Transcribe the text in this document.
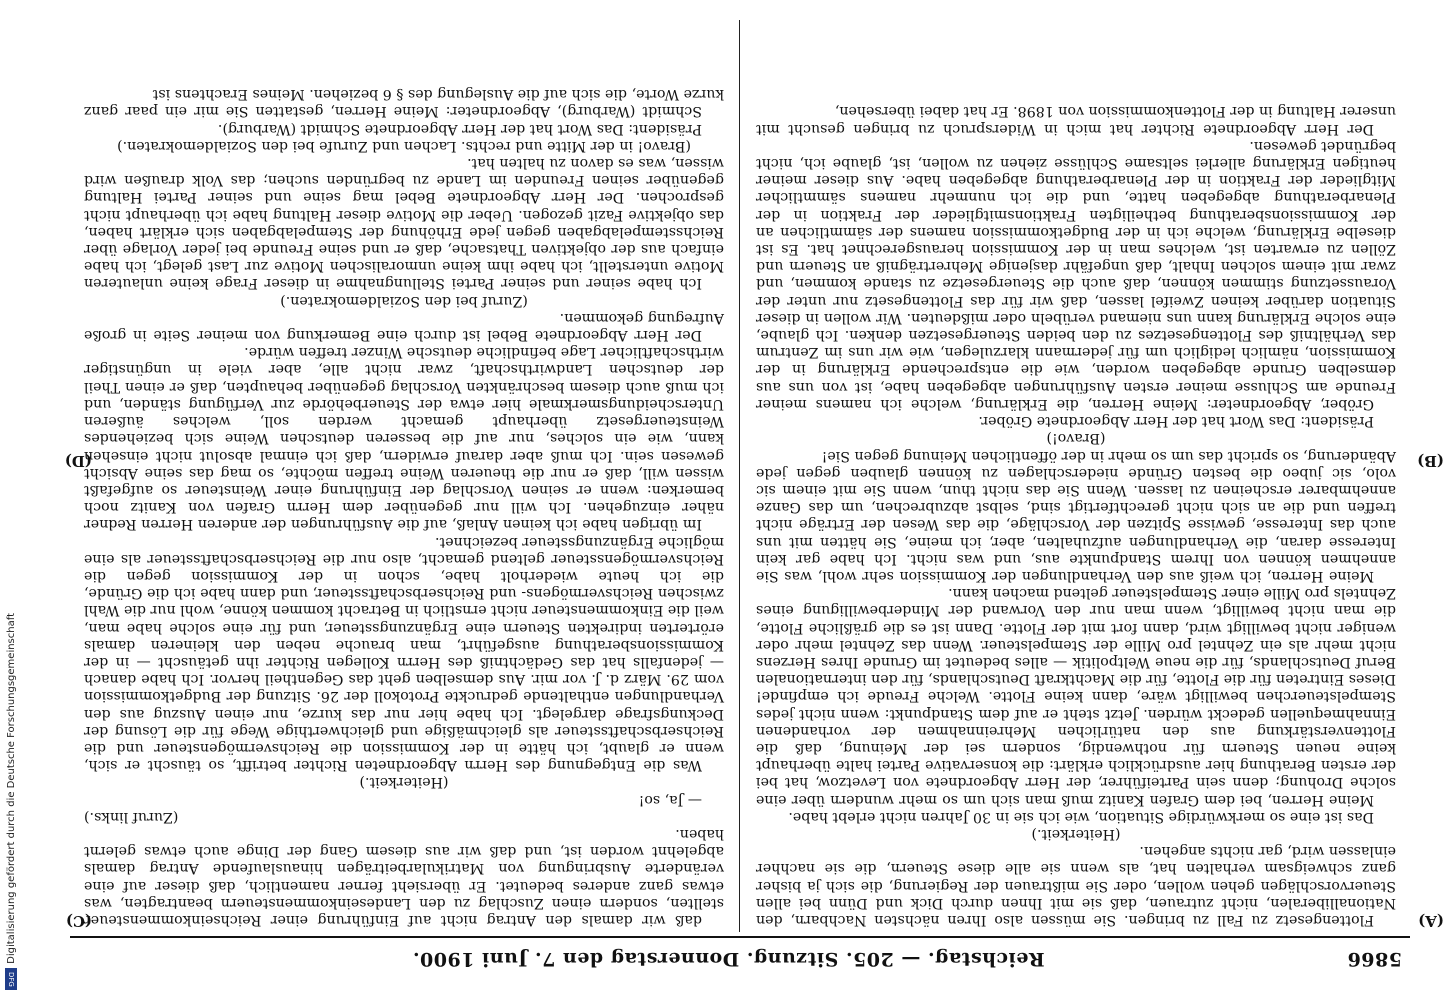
5866
Reichstag. — 205. Sitzung. Donnerstag den 7. Juni 1900.
(A)
(B)
(C)
(D)

Flottengesetz zu Fall zu bringen. Sie müssen also Ihren nächsten Nachbarn, den Nationalliberalen, nicht zutrauen, daß sie mit Ihnen durch Dick und Dünn bei allen Steuervorschlägen gehen wollen, oder Sie mißtrauen der Regierung, die sich ja bisher ganz schweigsam verhalten hat, als wenn sie alle diese Steuern, die sie nachher einlassen wird, gar nichts angehen.

(Heiterkeit.)

Das ist eine so merkwürdige Situation, wie ich sie in 30 Jahren nicht erlebt habe.

Meine Herren, bei dem Grafen Kanitz muß man sich um so mehr wundern über eine solche Drohung; denn sein Parteiführer, der Herr Abgeordnete von Levetzow, hat bei der ersten Berathung hier ausdrücklich erklärt: die konservative Partei halte überhaupt keine neuen Steuern für nothwendig, sondern sei der Meinung, daß die Flottenverstärkung aus den natürlichen Mehreinnahmen der vorhandenen Einnahmequellen gedeckt würden. Jetzt steht er auf dem Standpunkt: wenn nicht jedes Stempelsteuerchen bewilligt wäre, dann keine Flotte. Welche Freude ich empfinde! Dieses Eintreten für die Flotte, für die Machtkraft Deutschlands, für den internationalen Beruf Deutschlands, für die neue Weltpolitik — alles bedeutet im Grunde Ihres Herzens nicht mehr als ein Zehntel pro Mille der Stempelsteuer. Wenn das Zehntel mehr oder weniger nicht bewilligt wird, dann fort mit der Flotte. Dann ist es die gräßliche Flotte, die man nicht bewilligt, wenn man nur den Vorwand der Minderbewilligung eines Zehntels pro Mille einer Stempelsteuer geltend machen kann.

Meine Herren, ich weiß aus den Verhandlungen der Kommission sehr wohl, was Sie annehmen können von Ihrem Standpunkte aus, und was nicht. Ich habe gar kein Interesse daran, die Verhandlungen aufzuhalten, aber, ich meine, Sie hätten mit uns auch das Interesse, gewisse Spitzen der Vorschläge, die das Wesen der Erträge nicht treffen und die an sich nicht gerechtfertigt sind, selbst abzubrechen, um das Ganze annehmbarer erscheinen zu lassen. Wenn Sie das nicht thun, wenn Sie mit einem sic volo, sic jubeo die besten Gründe niederschlagen zu können glauben gegen jede Abänderung, so spricht das um so mehr in der öffentlichen Meinung gegen Sie!

(Bravo!)

Präsident: Das Wort hat der Herr Abgeordnete Gröber.

Gröber, Abgeordneter: Meine Herren, die Erklärung, welche ich namens meiner Freunde am Schlusse meiner ersten Ausführungen abgegeben habe, ist von uns aus demselben Grunde abgegeben worden, wie die entsprechende Erklärung in der Kommission, nämlich lediglich um für jedermann klarzulegen, wie wir uns im Zentrum das Verhältniß des Flottengesetzes zu den beiden Steuergesetzen denken. Ich glaube, eine solche Erklärung kann uns niemand verübeln oder mißdeuten. Wir wollen in dieser Situation darüber keinen Zweifel lassen, daß wir für das Flottengesetz nur unter der Voraussetzung stimmen können, daß auch die Steuergesetze zu stande kommen, und zwar mit einem solchen Inhalt, daß ungefähr dasjenige Mehrerträgniß an Steuern und Zöllen zu erwarten ist, welches man in der Kommission herausgerechnet hat. Es ist dieselbe Erklärung, welche ich in der Budgetkommission namens der sämmtlichen an der Kommissionsberathung betheiligten Fraktionsmitglieder der Fraktion in der Plenarberathung abgegeben hatte, und die ich nunmehr namens sämmtlicher Mitglieder der Fraktion in der Plenarberathung abgegeben habe. Aus dieser meiner heutigen Erklärung allerlei seltsame Schlüsse ziehen zu wollen, ist, glaube ich, nicht begründet gewesen.

Der Herr Abgeordnete Richter hat mich in Widerspruch zu bringen gesucht mit unserer Haltung in der Flottenkommission von 1898. Er hat dabei übersehen,

daß wir damals den Antrag nicht auf Einführung einer Reichseinkommensteuer stellten, sondern einen Zuschlag zu den Landeseinkommensteuern beantragten, was etwas ganz anderes bedeutet. Er übersieht ferner namentlich, daß dieser auf eine veränderte Ausbringung von Matrikularbeiträgen hinauslaufende Antrag damals abgelehnt worden ist, und daß wir aus diesem Gang der Dinge auch etwas gelernt haben.

(Zuruf links.)

— Ja, so!

(Heiterkeit.)

Was die Entgegnung des Herrn Abgeordneten Richter betrifft, so täuscht er sich, wenn er glaubt, ich hätte in der Kommission die Reichsvermögensteuer und die Reichserbschaftssteuer als gleichmäßige und gleichwerthige Wege für die Lösung der Deckungsfrage dargelegt. Ich habe hier nur das kurze, nur einen Auszug aus den Verhandlungen enthaltende gedruckte Protokoll der 26. Sitzung der Budgetkommission vom 29. März d. J. vor mir. Aus demselben geht das Gegentheil hervor. Ich habe danach — jedenfalls hat das Gedächtniß des Herrn Kollegen Richter ihn getäuscht — in der Kommissionsberathung ausgeführt, man brauche neben den kleineren damals erörterten indirekten Steuern eine Ergänzungssteuer, und für eine solche habe man, weil die Einkommensteuer nicht ernstlich in Betracht kommen könne, wohl nur die Wahl zwischen Reichsvermögens- und Reichserbschaftssteuer, und dann habe ich die Gründe, die ich heute wiederholt habe, schon in der Kommission gegen die Reichsvermögenssteuer geltend gemacht, also nur die Reichserbschaftssteuer als eine mögliche Ergänzungssteuer bezeichnet.

Im übrigen habe ich keinen Anlaß, auf die Ausführungen der anderen Herren Redner näher einzugehen. Ich will nur gegenüber dem Herrn Grafen von Kanitz noch bemerken: wenn er seinen Vorschlag der Einführung einer Weinsteuer so aufgefaßt wissen will, daß er nur die theueren Weine treffen möchte, so mag das seine Absicht gewesen sein. Ich muß aber darauf erwidern, daß ich einmal absolut nicht einsehen kann, wie ein solches, nur auf die besseren deutschen Weine sich beziehendes Weinsteuergesetz überhaupt gemacht werden soll, welches äußeren Unterscheidungsmerkmale hier etwa der Steuerbehörde zur Verfügung ständen, und ich muß auch diesem beschränkten Vorschlag gegenüber behaupten, daß er einen Theil der deutschen Landwirthschaft, zwar nicht alle, aber viele in ungünstiger wirthschaftlicher Lage befindliche deutsche Winzer treffen würde.

Der Herr Abgeordnete Bebel ist durch eine Bemerkung von meiner Seite in große Aufregung gekommen.

(Zuruf bei den Sozialdemokraten.)

Ich habe seiner und seiner Partei Stellungnahme in dieser Frage keine unlauteren Motive unterstellt, ich habe ihm keine unmoralischen Motive zur Last gelegt, ich habe einfach aus der objektiven Thatsache, daß er und seine Freunde bei jeder Vorlage über Reichsstempelabgaben gegen jede Erhöhung der Stempelabgaben sich erklärt haben, das objektive Fazit gezogen. Ueber die Motive dieser Haltung habe ich überhaupt nicht gesprochen. Der Herr Abgeordnete Bebel mag seine und seiner Partei Haltung gegenüber seinen Freunden im Lande zu begründen suchen; das Volk draußen wird wissen, was es davon zu halten hat.

(Bravo! in der Mitte und rechts. Lachen und Zurufe bei den Sozialdemokraten.)

Präsident: Das Wort hat der Herr Abgeordnete Schmidt (Warburg).

Schmidt (Warburg), Abgeordneter: Meine Herren, gestatten Sie mir ein paar ganz kurze Worte, die sich auf die Auslegung des § 6 beziehen. Meines Erachtens ist

Digitalisierung gefördert durch die Deutsche Forschungsgemeinschaft
DFG
